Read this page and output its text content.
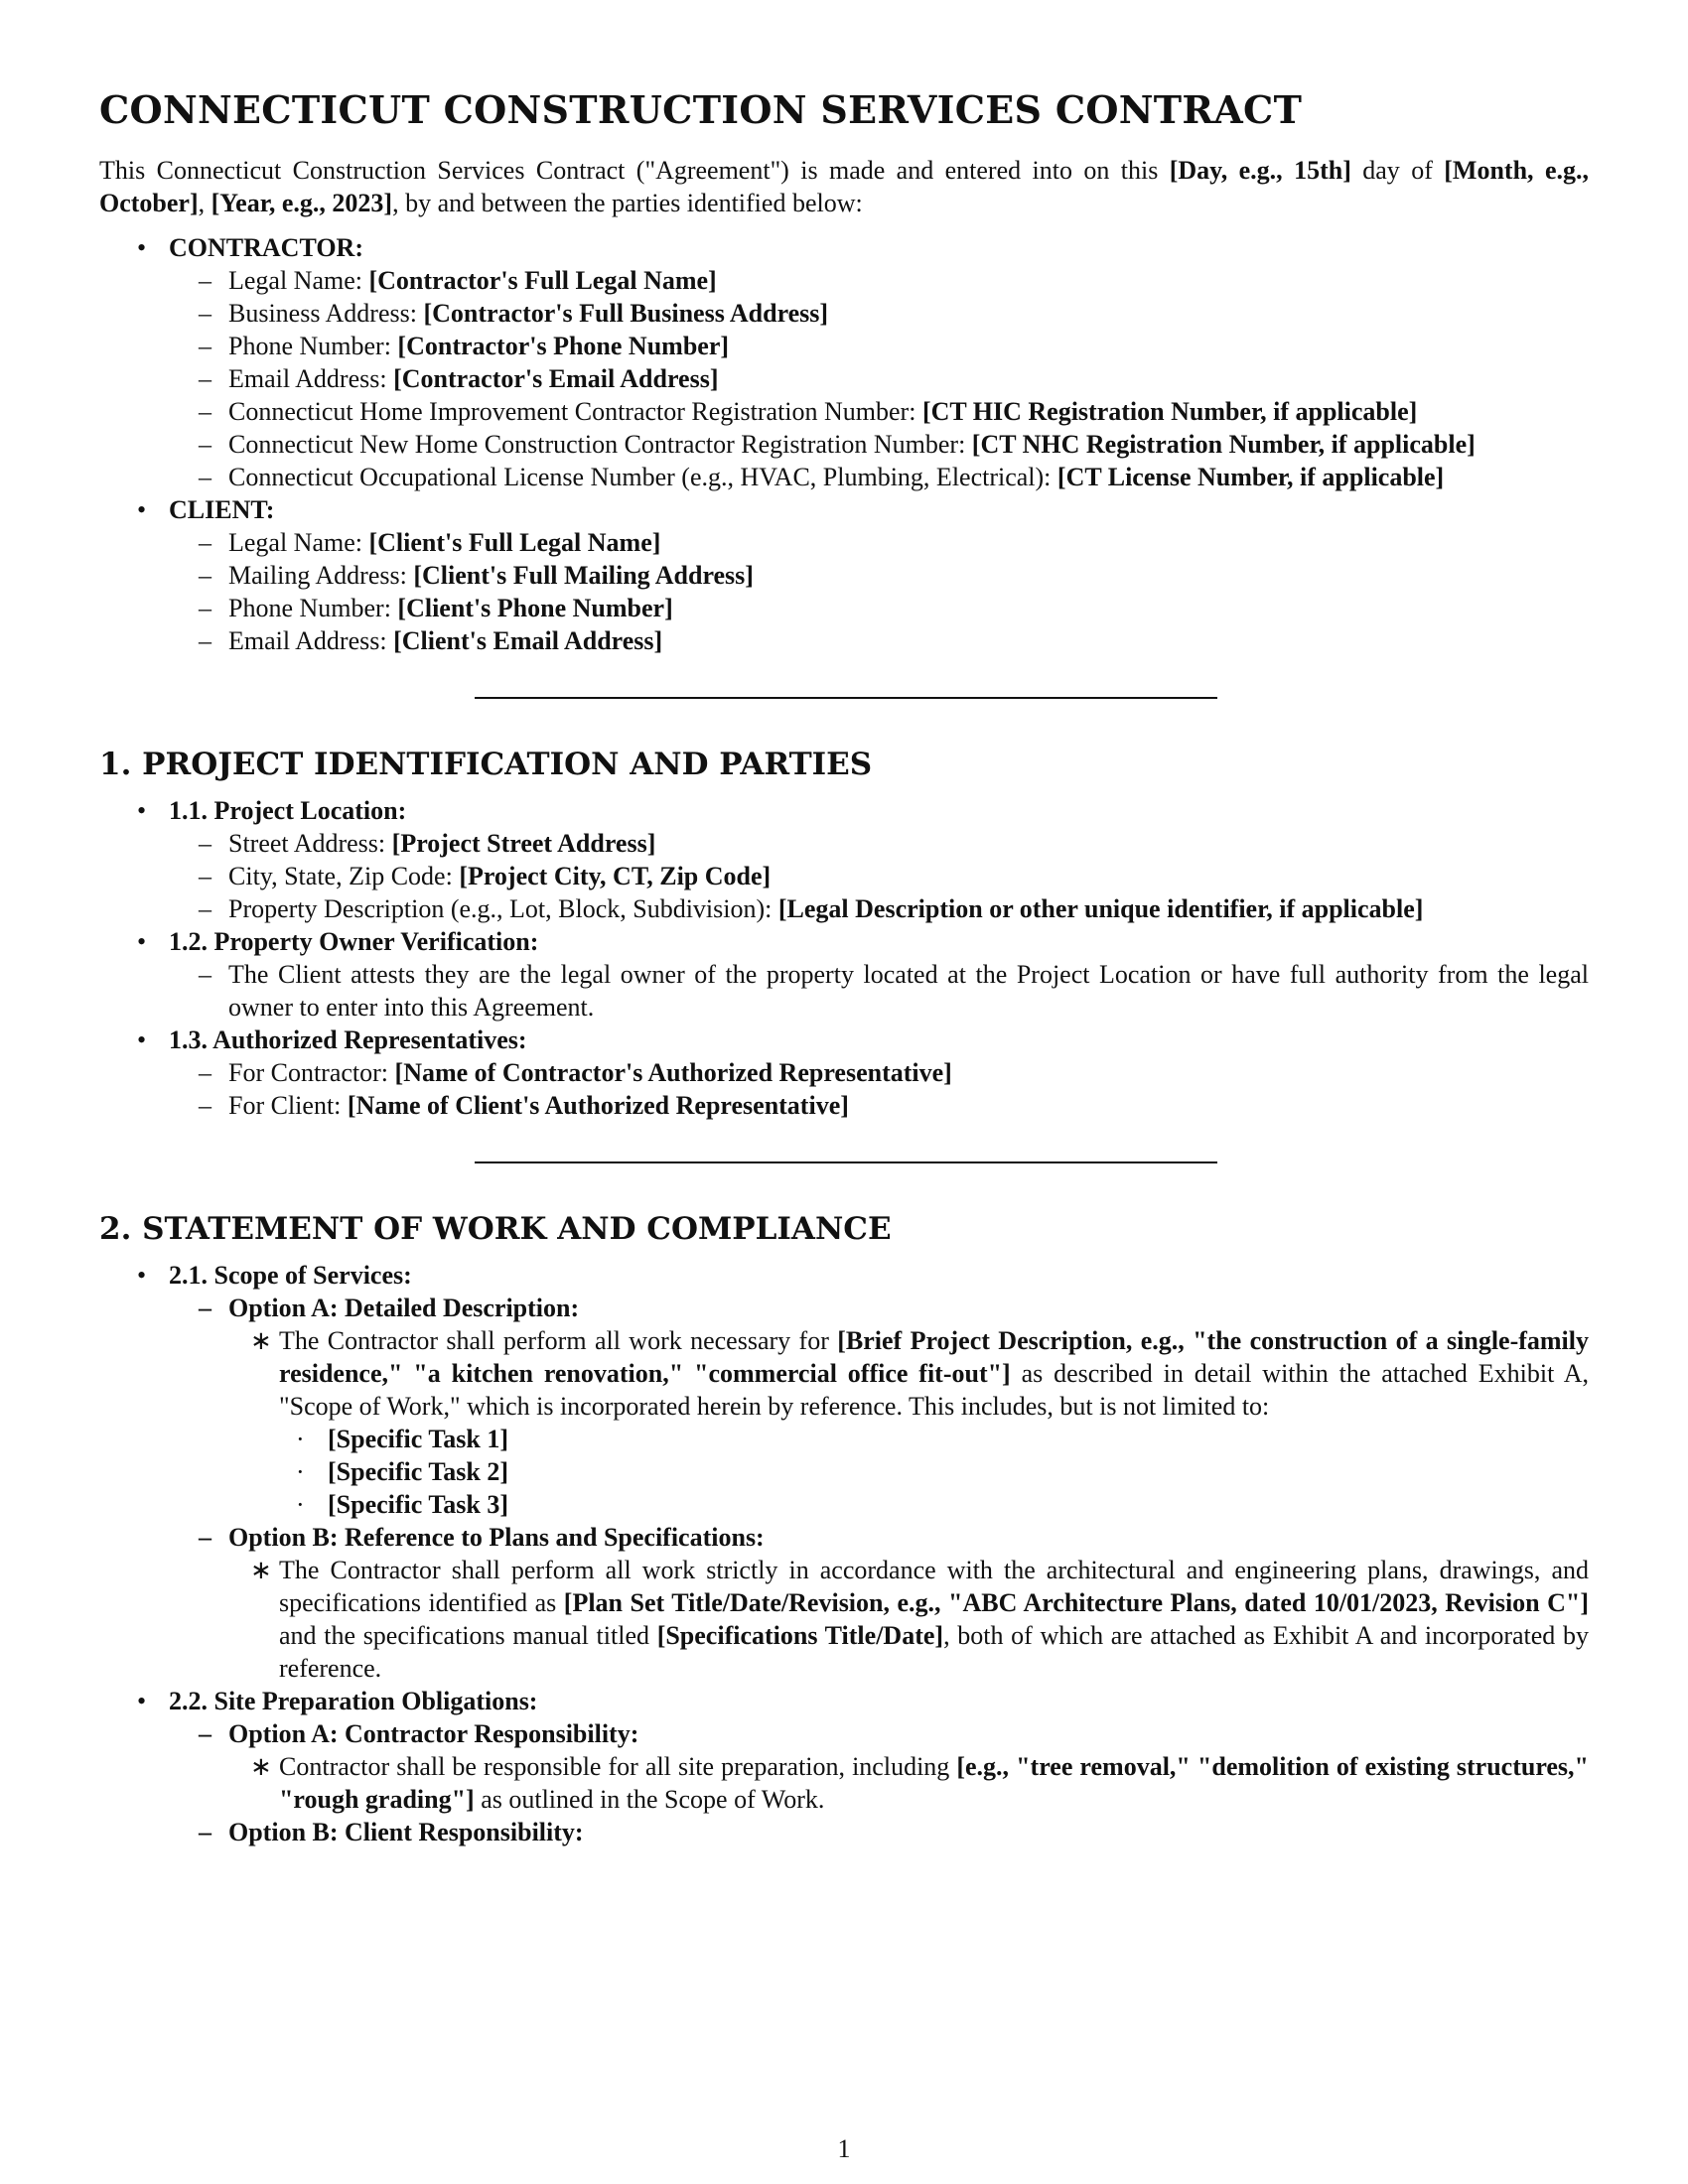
CONNECTICUT CONSTRUCTION SERVICES CONTRACT

This Connecticut Construction Services Contract ("Agreement") is made and entered into on this [Day, e.g., 15th] day of [Month, e.g., October], [Year, e.g., 2023], by and between the parties identified below:

• CONTRACTOR:
– Legal Name: [Contractor's Full Legal Name]
– Business Address: [Contractor's Full Business Address]
– Phone Number: [Contractor's Phone Number]
– Email Address: [Contractor's Email Address]
– Connecticut Home Improvement Contractor Registration Number: [CT HIC Registration Number, if applicable]
– Connecticut New Home Construction Contractor Registration Number: [CT NHC Registration Number, if applicable]
– Connecticut Occupational License Number (e.g., HVAC, Plumbing, Electrical): [CT License Number, if applicable]
• CLIENT:
– Legal Name: [Client's Full Legal Name]
– Mailing Address: [Client's Full Mailing Address]
– Phone Number: [Client's Phone Number]
– Email Address: [Client's Email Address]
1. PROJECT IDENTIFICATION AND PARTIES
• 1.1. Project Location:
– Street Address: [Project Street Address]
– City, State, Zip Code: [Project City, CT, Zip Code]
– Property Description (e.g., Lot, Block, Subdivision): [Legal Description or other unique identifier, if applicable]
• 1.2. Property Owner Verification:
– The Client attests they are the legal owner of the property located at the Project Location or have full authority from the legal owner to enter into this Agreement.
• 1.3. Authorized Representatives:
– For Contractor: [Name of Contractor's Authorized Representative]
– For Client: [Name of Client's Authorized Representative]
2. STATEMENT OF WORK AND COMPLIANCE
• 2.1. Scope of Services:
– Option A: Detailed Description:
∗ The Contractor shall perform all work necessary for [Brief Project Description, e.g., "the construction of a single-family residence," "a kitchen renovation," "commercial office fit-out"] as described in detail within the attached Exhibit A, "Scope of Work," which is incorporated herein by reference. This includes, but is not limited to:
· [Specific Task 1]
· [Specific Task 2]
· [Specific Task 3]
– Option B: Reference to Plans and Specifications:
∗ The Contractor shall perform all work strictly in accordance with the architectural and engineering plans, drawings, and specifications identified as [Plan Set Title/Date/Revision, e.g., "ABC Architecture Plans, dated 10/01/2023, Revision C"] and the specifications manual titled [Specifications Title/Date], both of which are attached as Exhibit A and incorporated by reference.
• 2.2. Site Preparation Obligations:
– Option A: Contractor Responsibility:
∗ Contractor shall be responsible for all site preparation, including [e.g., "tree removal," "demolition of existing structures," "rough grading"] as outlined in the Scope of Work.
– Option B: Client Responsibility:
1
